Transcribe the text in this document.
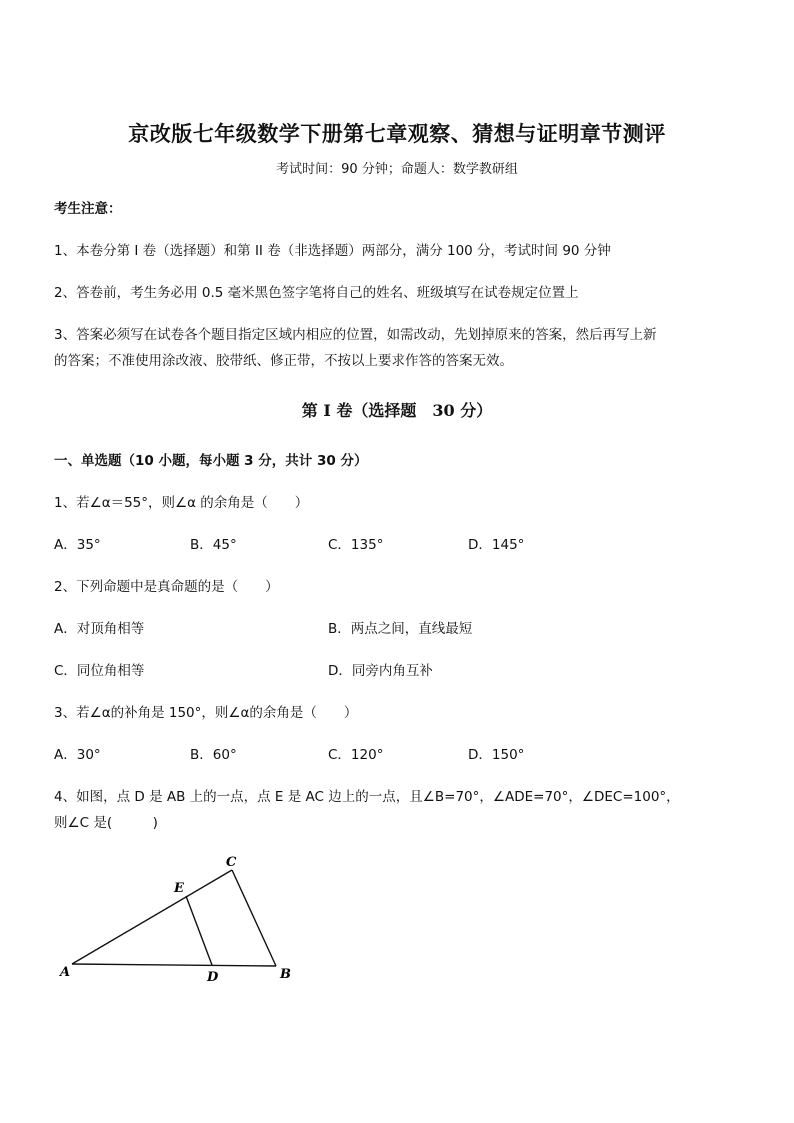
京改版七年级数学下册第七章观察、猜想与证明章节测评
考试时间：90 分钟；命题人：数学教研组
考生注意：
1、本卷分第 I 卷（选择题）和第 II 卷（非选择题）两部分，满分 100 分，考试时间 90 分钟
2、答卷前，考生务必用 0.5 毫米黑色签字笔将自己的姓名、班级填写在试卷规定位置上
3、答案必须写在试卷各个题目指定区域内相应的位置，如需改动，先划掉原来的答案，然后再写上新
的答案；不准使用涂改液、胶带纸、修正带，不按以上要求作答的答案无效。
第 I 卷（选择题　30 分）
一、单选题（10 小题，每小题 3 分，共计 30 分）
1、若∠α＝55°，则∠α 的余角是（　　）
A．35°	B．45°	C．135°	D．145°
2、下列命题中是真命题的是（　　）
A．对顶角相等	B．两点之间，直线最短
C．同位角相等	D．同旁内角互补
3、若∠α的补角是 150°，则∠α的余角是（　　）
A．30°	B．60°	C．120°	D．150°
4、如图，点 D 是 AB 上的一点，点 E 是 AC 边上的一点，且∠B=70°，∠ADE=70°，∠DEC=100°，
则∠C 是(　　　)
A	B
C
D
E
